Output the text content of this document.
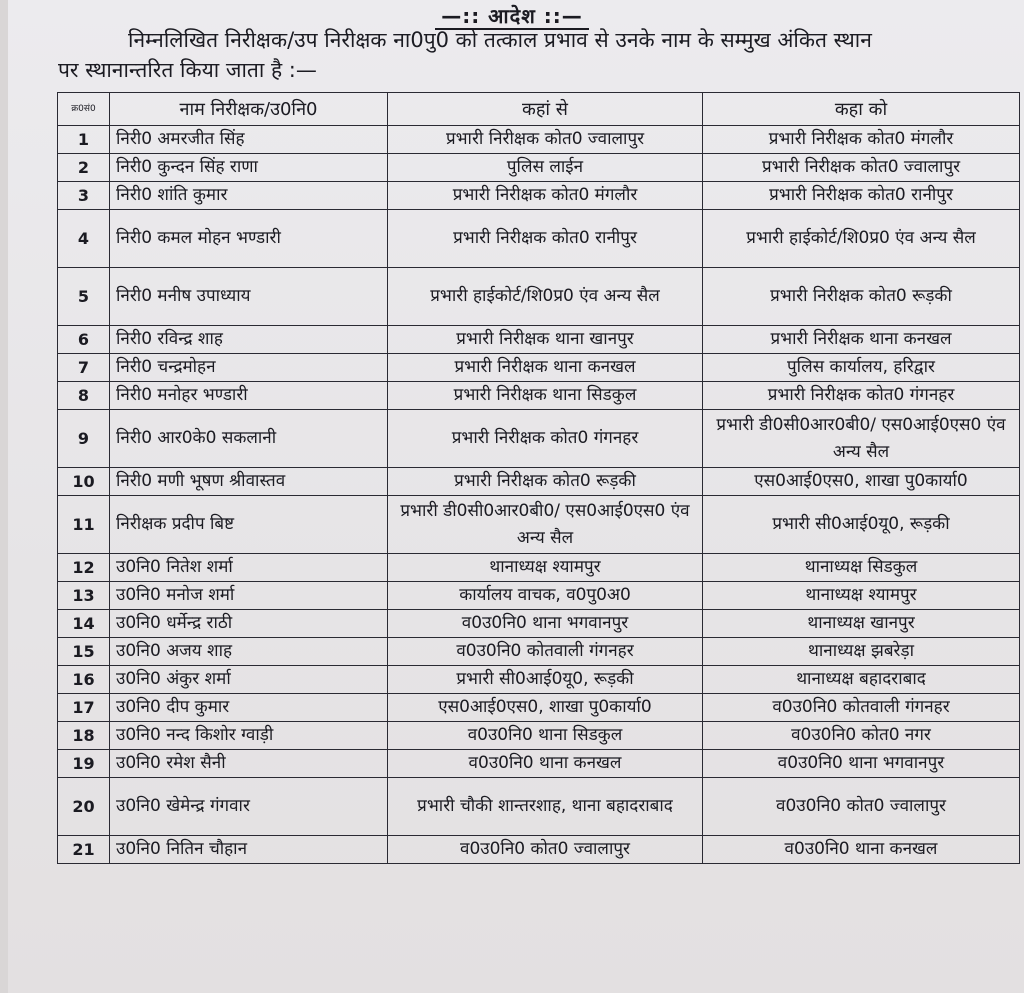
—:: आदेश ::—
निम्नलिखित निरीक्षक/उप निरीक्षक ना0पु0 को तत्काल प्रभाव से उनके नाम के सम्मुख अंकित स्थान
पर स्थानान्तरित किया जाता है :—
क्र0सं0	नाम निरीक्षक/उ0नि0	कहां से	कहा को
1	निरी0 अमरजीत सिंह	प्रभारी निरीक्षक कोत0 ज्वालापुर	प्रभारी निरीक्षक कोत0 मंगलौर
2	निरी0 कुन्दन सिंह राणा	पुलिस लाईन	प्रभारी निरीक्षक कोत0 ज्वालापुर
3	निरी0 शांति कुमार	प्रभारी निरीक्षक कोत0 मंगलौर	प्रभारी निरीक्षक कोत0 रानीपुर
4	निरी0 कमल मोहन भण्डारी	प्रभारी निरीक्षक कोत0 रानीपुर	प्रभारी हाईकोर्ट/शि0प्र0 एंव अन्य सैल
5	निरी0 मनीष उपाध्याय	प्रभारी हाईकोर्ट/शि0प्र0 एंव अन्य सैल	प्रभारी निरीक्षक कोत0 रूड़की
6	निरी0 रविन्द्र शाह	प्रभारी निरीक्षक थाना खानपुर	प्रभारी निरीक्षक थाना कनखल
7	निरी0 चन्द्रमोहन	प्रभारी निरीक्षक थाना कनखल	पुलिस कार्यालय, हरिद्वार
8	निरी0 मनोहर भण्डारी	प्रभारी निरीक्षक थाना सिडकुल	प्रभारी निरीक्षक कोत0 गंगनहर
9	निरी0 आर0के0 सकलानी	प्रभारी निरीक्षक कोत0 गंगनहर	प्रभारी डी0सी0आर0बी0/ एस0आई0एस0 एंव अन्य सैल
10	निरी0 मणी भूषण श्रीवास्तव	प्रभारी निरीक्षक कोत0 रूड़की	एस0आई0एस0, शाखा पु0कार्या0
11	निरीक्षक प्रदीप बिष्ट	प्रभारी डी0सी0आर0बी0/ एस0आई0एस0 एंव अन्य सैल	प्रभारी सी0आई0यू0, रूड़की
12	उ0नि0 नितेश शर्मा	थानाध्यक्ष श्यामपुर	थानाध्यक्ष सिडकुल
13	उ0नि0 मनोज शर्मा	कार्यालय वाचक, व0पु0अ0	थानाध्यक्ष श्यामपुर
14	उ0नि0 धर्मेन्द्र राठी	व0उ0नि0 थाना भगवानपुर	थानाध्यक्ष खानपुर
15	उ0नि0 अजय शाह	व0उ0नि0 कोतवाली गंगनहर	थानाध्यक्ष झबरेड़ा
16	उ0नि0 अंकुर शर्मा	प्रभारी सी0आई0यू0, रूड़की	थानाध्यक्ष बहादराबाद
17	उ0नि0 दीप कुमार	एस0आई0एस0, शाखा पु0कार्या0	व0उ0नि0 कोतवाली गंगनहर
18	उ0नि0 नन्द किशोर ग्वाड़ी	व0उ0नि0 थाना सिडकुल	व0उ0नि0 कोत0 नगर
19	उ0नि0 रमेश सैनी	व0उ0नि0 थाना कनखल	व0उ0नि0 थाना भगवानपुर
20	उ0नि0 खेमेन्द्र गंगवार	प्रभारी चौकी शान्तरशाह, थाना बहादराबाद	व0उ0नि0 कोत0 ज्वालापुर
21	उ0नि0 नितिन चौहान	व0उ0नि0 कोत0 ज्वालापुर	व0उ0नि0 थाना कनखल
